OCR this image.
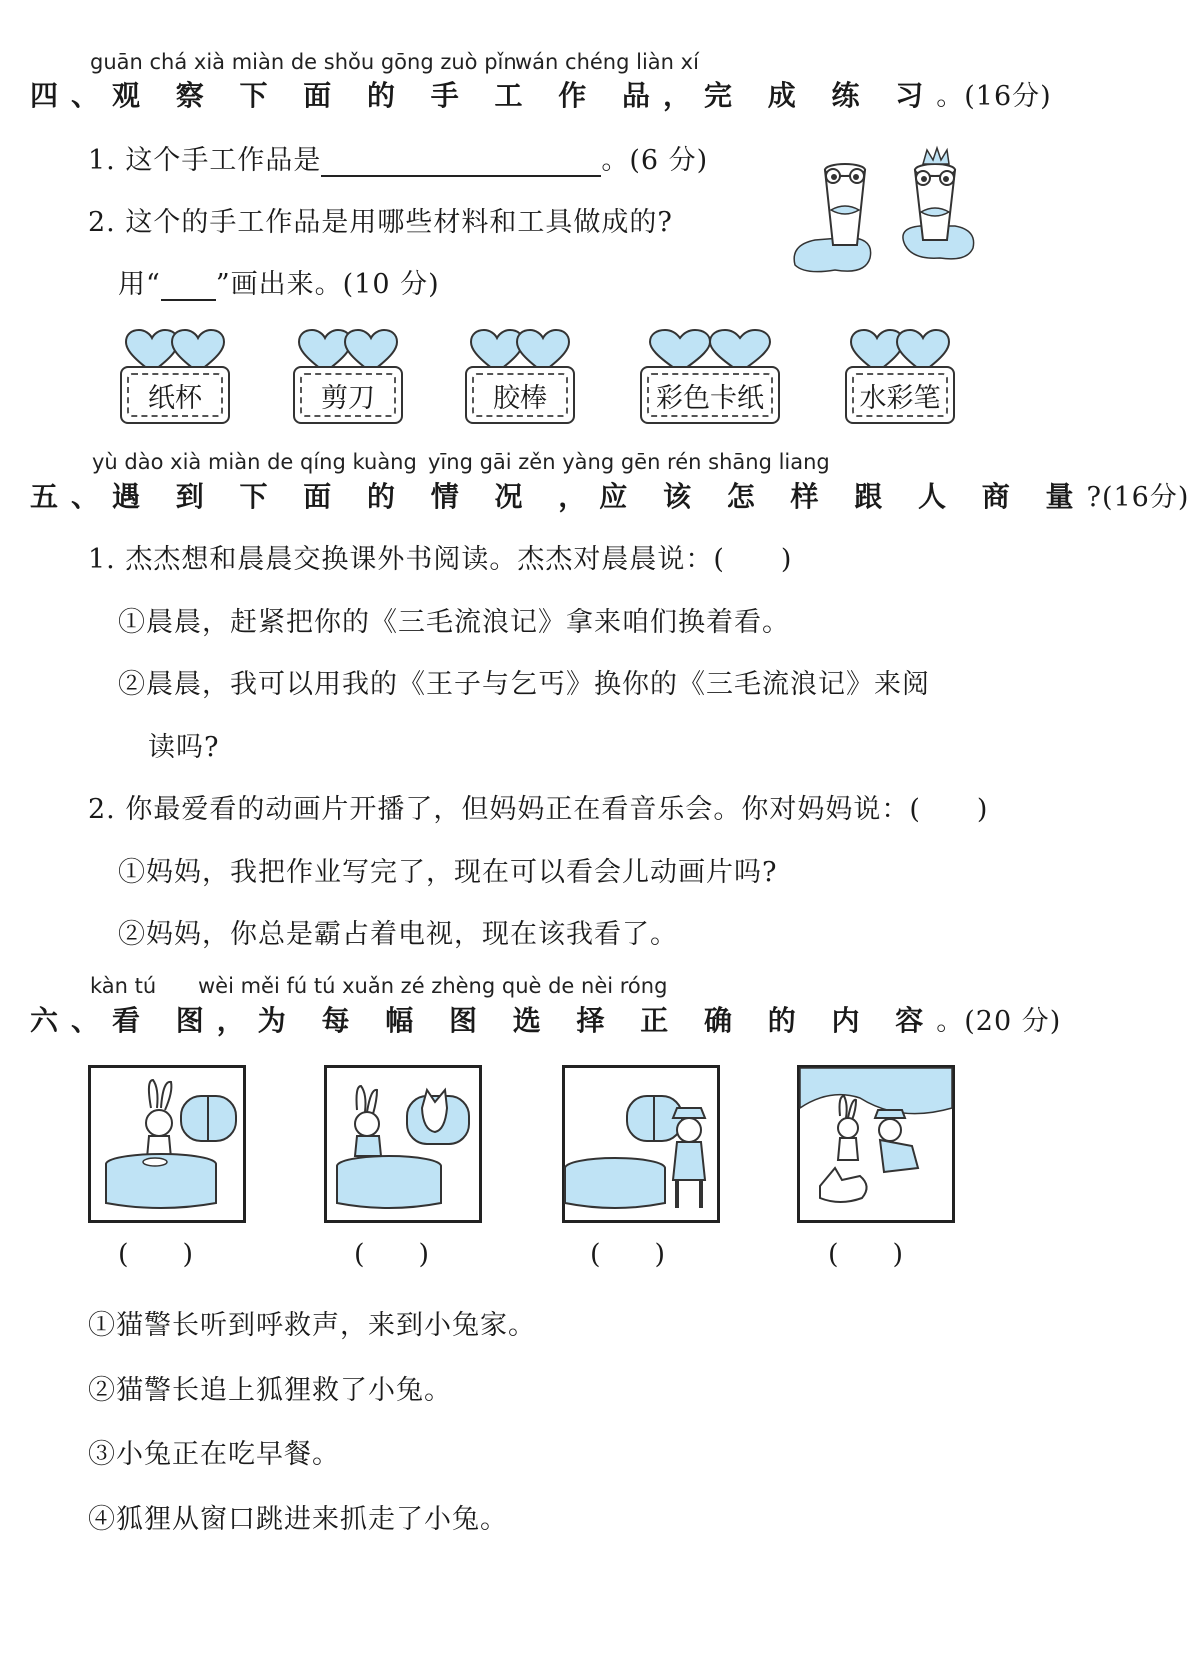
guān chá xià miàn de shǒu gōng zuò pǐn
wán chéng liàn xí
四、观 察 下 面 的 手 工 作 品，完 成 练 习。(16分)
1. 这个手工作品是	。(6 分)
2. 这个的手工作品是用哪些材料和工具做成的?
用“ ”画出来。(10 分)
纸杯	剪刀	胶棒	彩色卡纸	水彩笔
yù dào xià miàn de qíng kuàng yīng gāi zěn yàng gēn rén shāng liang
五、遇 到 下 面 的 情 况 ，应 该 怎 样 跟 人 商 量?(16分)
1. 杰杰想和晨晨交换课外书阅读。杰杰对晨晨说：(　　)
①晨晨，赶紧把你的《三毛流浪记》拿来咱们换着看。
②晨晨，我可以用我的《王子与乞丐》换你的《三毛流浪记》来阅
读吗?
2. 你最爱看的动画片开播了，但妈妈正在看音乐会。你对妈妈说：(　　)
①妈妈，我把作业写完了，现在可以看会儿动画片吗?
②妈妈，你总是霸占着电视，现在该我看了。
kàn tú wèi měi fú tú xuǎn zé zhèng què de nèi róng
六、看 图，为 每 幅 图 选 择 正 确 的 内 容。(20 分)
(　　)	(　　)	(　　)	(　　)
①猫警长听到呼救声，来到小兔家。
②猫警长追上狐狸救了小兔。
③小兔正在吃早餐。
④狐狸从窗口跳进来抓走了小兔。
